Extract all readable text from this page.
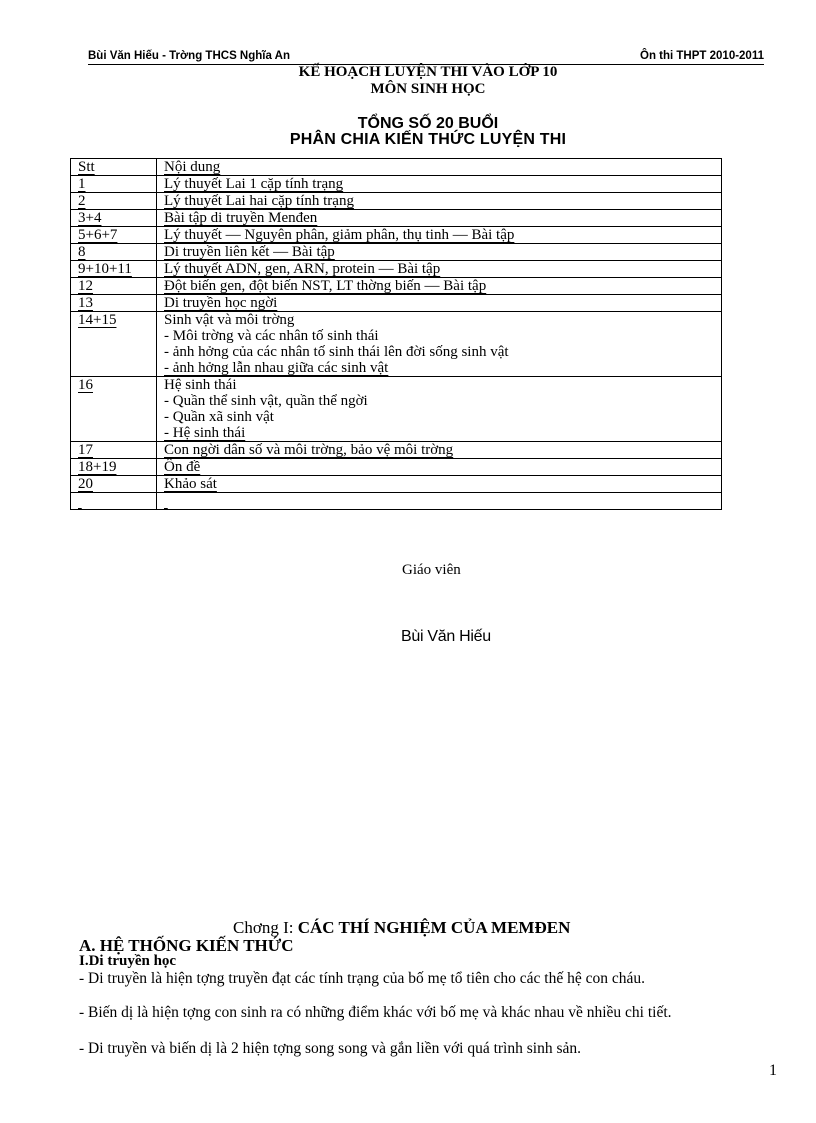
Bùi Văn Hiếu - Trờng THCS Nghĩa An	Ôn thi THPT 2010-2011
KẾ HOẠCH LUYỆN THI VÀO LỚP 10
MÔN SINH HỌC
TỔNG SỐ 20 BUỔI
PHÂN CHIA KIẾN THỨC LUYỆN THI
Stt	Nội dung

1	Lý thuyết Lai 1 cặp tính trạng

2	Lý thuyết Lai hai cặp tính trạng

3+4	Bài tập di truyền Menđen

5+6+7	Lý thuyết — Nguyên phân, giảm phân, thụ tinh — Bài tập

8	Di truyền liên kết — Bài tập

9+10+11	Lý thuyết ADN, gen, ARN, protein — Bài tập

12	Đột biến gen, đột biến NST, LT thờng biến — Bài tập

13	Di truyền học ngời

14+15	Sinh vật và môi trờng
- Môi trờng và các nhân tố sinh thái
- ảnh hởng của các nhân tố sinh thái lên đời sống sinh vật
- ảnh hởng lẫn nhau giữa các sinh vật

16	Hệ sinh thái
- Quần thể sinh vật, quần thể ngời
- Quần xã sinh vật
- Hệ sinh thái

17	Con ngời dân số và môi trờng, bảo vệ môi trờng

18+19	Ôn đề

20	Khảo sát

Giáo viên
Bùi Văn Hiếu
Chơng I: CÁC THÍ NGHIỆM CỦA MEMĐEN
A. HỆ THỐNG KIẾN THỨC
I.Di truyền học
- Di truyền là hiện tợng truyền đạt các tính trạng của bố mẹ tổ tiên cho các thế hệ con cháu.
- Biến dị là hiện tợng con sinh ra có những điểm khác với bố mẹ và khác nhau về nhiều chi tiết.
- Di truyền và biến dị là 2 hiện tợng song song và gắn liền với quá trình sinh sản.
1
